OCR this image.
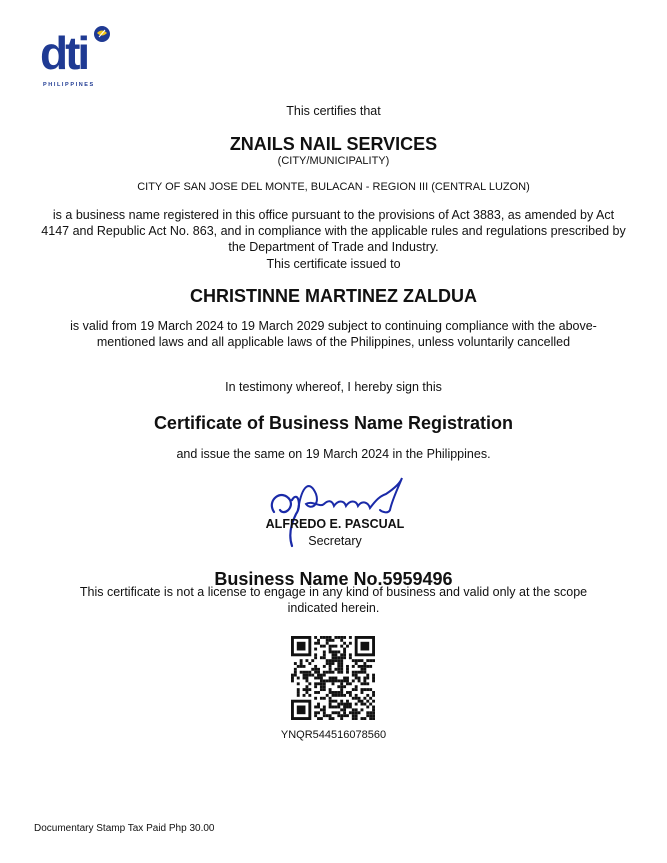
dti
PHILIPPINES
This certifies that
ZNAILS NAIL SERVICES
(CITY/MUNICIPALITY)
CITY OF SAN JOSE DEL MONTE, BULACAN - REGION III (CENTRAL LUZON)
is a business name registered in this office pursuant to the provisions of Act 3883, as amended by Act 4147 and Republic Act No. 863, and in compliance with the applicable rules and regulations prescribed by the Department of Trade and Industry.
This certificate issued to
CHRISTINNE MARTINEZ ZALDUA
is valid from 19 March 2024 to 19 March 2029 subject to continuing compliance with the above-mentioned laws and all applicable laws of the Philippines, unless voluntarily cancelled
In testimony whereof, I hereby sign this
Certificate of Business Name Registration
and issue the same on 19 March 2024 in the Philippines.
ALFREDO E. PASCUAL
Secretary
Business Name No.5959496
This certificate is not a license to engage in any kind of business and valid only at the scope indicated herein.
YNQR544516078560
Documentary Stamp Tax Paid Php 30.00
